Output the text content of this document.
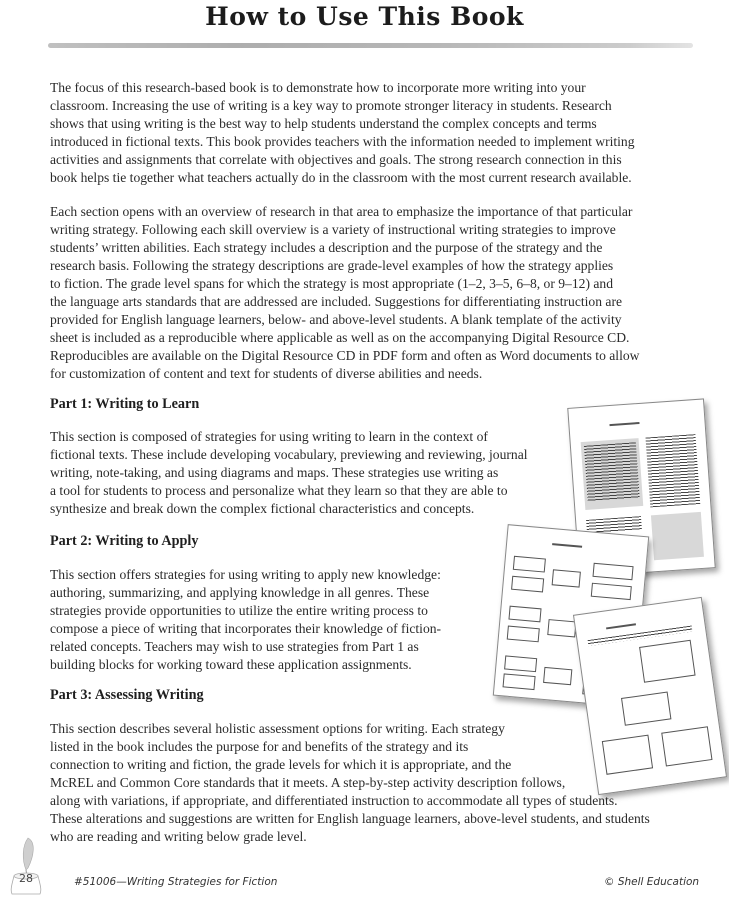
How to Use This Book
The focus of this research-based book is to demonstrate how to incorporate more writing into your
classroom. Increasing the use of writing is a key way to promote stronger literacy in students. Research
shows that using writing is the best way to help students understand the complex concepts and terms
introduced in fictional texts. This book provides teachers with the information needed to implement writing
activities and assignments that correlate with objectives and goals. The strong research connection in this
book helps tie together what teachers actually do in the classroom with the most current research available.
Each section opens with an overview of research in that area to emphasize the importance of that particular
writing strategy. Following each skill overview is a variety of instructional writing strategies to improve
students’ written abilities. Each strategy includes a description and the purpose of the strategy and the
research basis. Following the strategy descriptions are grade-level examples of how the strategy applies
to fiction. The grade level spans for which the strategy is most appropriate (1–2, 3–5, 6–8, or 9–12) and
the language arts standards that are addressed are included. Suggestions for differentiating instruction are
provided for English language learners, below- and above-level students. A blank template of the activity
sheet is included as a reproducible where applicable as well as on the accompanying Digital Resource CD.
Reproducibles are available on the Digital Resource CD in PDF form and often as Word documents to allow
for customization of content and text for students of diverse abilities and needs.
Part 1: Writing to Learn
This section is composed of strategies for using writing to learn in the context of
fictional texts. These include developing vocabulary, previewing and reviewing, journal
writing, note-taking, and using diagrams and maps. These strategies use writing as
a tool for students to process and personalize what they learn so that they are able to
synthesize and break down the complex fictional characteristics and concepts.
Part 2: Writing to Apply
This section offers strategies for using writing to apply new knowledge:
authoring, summarizing, and applying knowledge in all genres. These
strategies provide opportunities to utilize the entire writing process to
compose a piece of writing that incorporates their knowledge of fiction-
related concepts. Teachers may wish to use strategies from Part 1 as
building blocks for working toward these application assignments.
Part 3: Assessing Writing
This section describes several holistic assessment options for writing. Each strategy
listed in the book includes the purpose for and benefits of the strategy and its
connection to writing and fiction, the grade levels for which it is appropriate, and the
McREL and Common Core standards that it meets. A step-by-step activity description follows,
along with variations, if appropriate, and differentiated instruction to accommodate all types of students.
These alterations and suggestions are written for English language learners, above-level students, and students
who are reading and writing below grade level.
28	#51006—Writing Strategies for Fiction	© Shell Education
